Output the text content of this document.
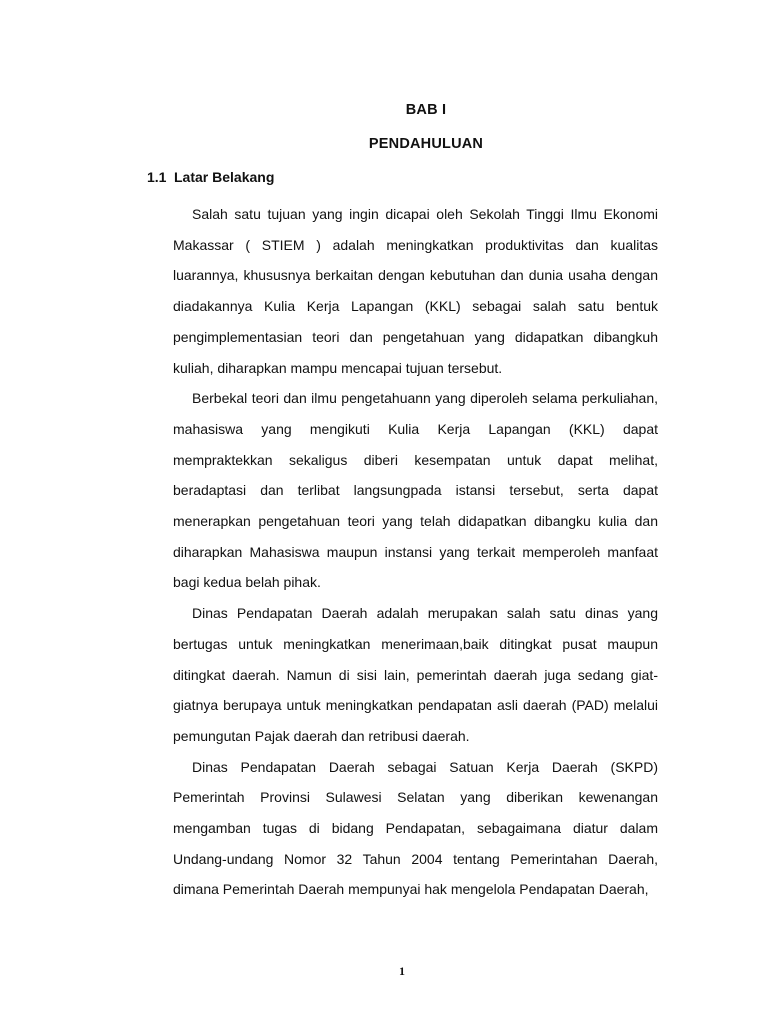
BAB I
PENDAHULUAN
1.1 Latar Belakang

Salah satu tujuan yang ingin dicapai oleh Sekolah Tinggi Ilmu Ekonomi Makassar ( STIEM ) adalah meningkatkan produktivitas dan kualitas luarannya, khususnya berkaitan dengan kebutuhan dan dunia usaha dengan diadakannya Kulia Kerja Lapangan (KKL) sebagai salah satu bentuk pengimplementasian teori dan pengetahuan yang didapatkan dibangkuh kuliah, diharapkan mampu mencapai tujuan tersebut.

Berbekal teori dan ilmu pengetahuann yang diperoleh selama perkuliahan, mahasiswa yang mengikuti Kulia Kerja Lapangan (KKL) dapat mempraktekkan sekaligus diberi kesempatan untuk dapat melihat, beradaptasi dan terlibat langsungpada istansi tersebut, serta dapat menerapkan pengetahuan teori yang telah didapatkan dibangku kulia dan diharapkan Mahasiswa maupun instansi yang terkait memperoleh manfaat bagi kedua belah pihak.

Dinas Pendapatan Daerah adalah merupakan salah satu dinas yang bertugas untuk meningkatkan menerimaan,baik ditingkat pusat maupun ditingkat daerah. Namun di sisi lain, pemerintah daerah juga sedang giat-giatnya berupaya untuk meningkatkan pendapatan asli daerah (PAD) melalui pemungutan Pajak daerah dan retribusi daerah.

Dinas Pendapatan Daerah sebagai Satuan Kerja Daerah (SKPD) Pemerintah Provinsi Sulawesi Selatan yang diberikan kewenangan mengamban tugas di bidang Pendapatan, sebagaimana diatur dalam Undang-undang Nomor 32 Tahun 2004 tentang Pemerintahan Daerah, dimana Pemerintah Daerah mempunyai hak mengelola Pendapatan Daerah,

1
